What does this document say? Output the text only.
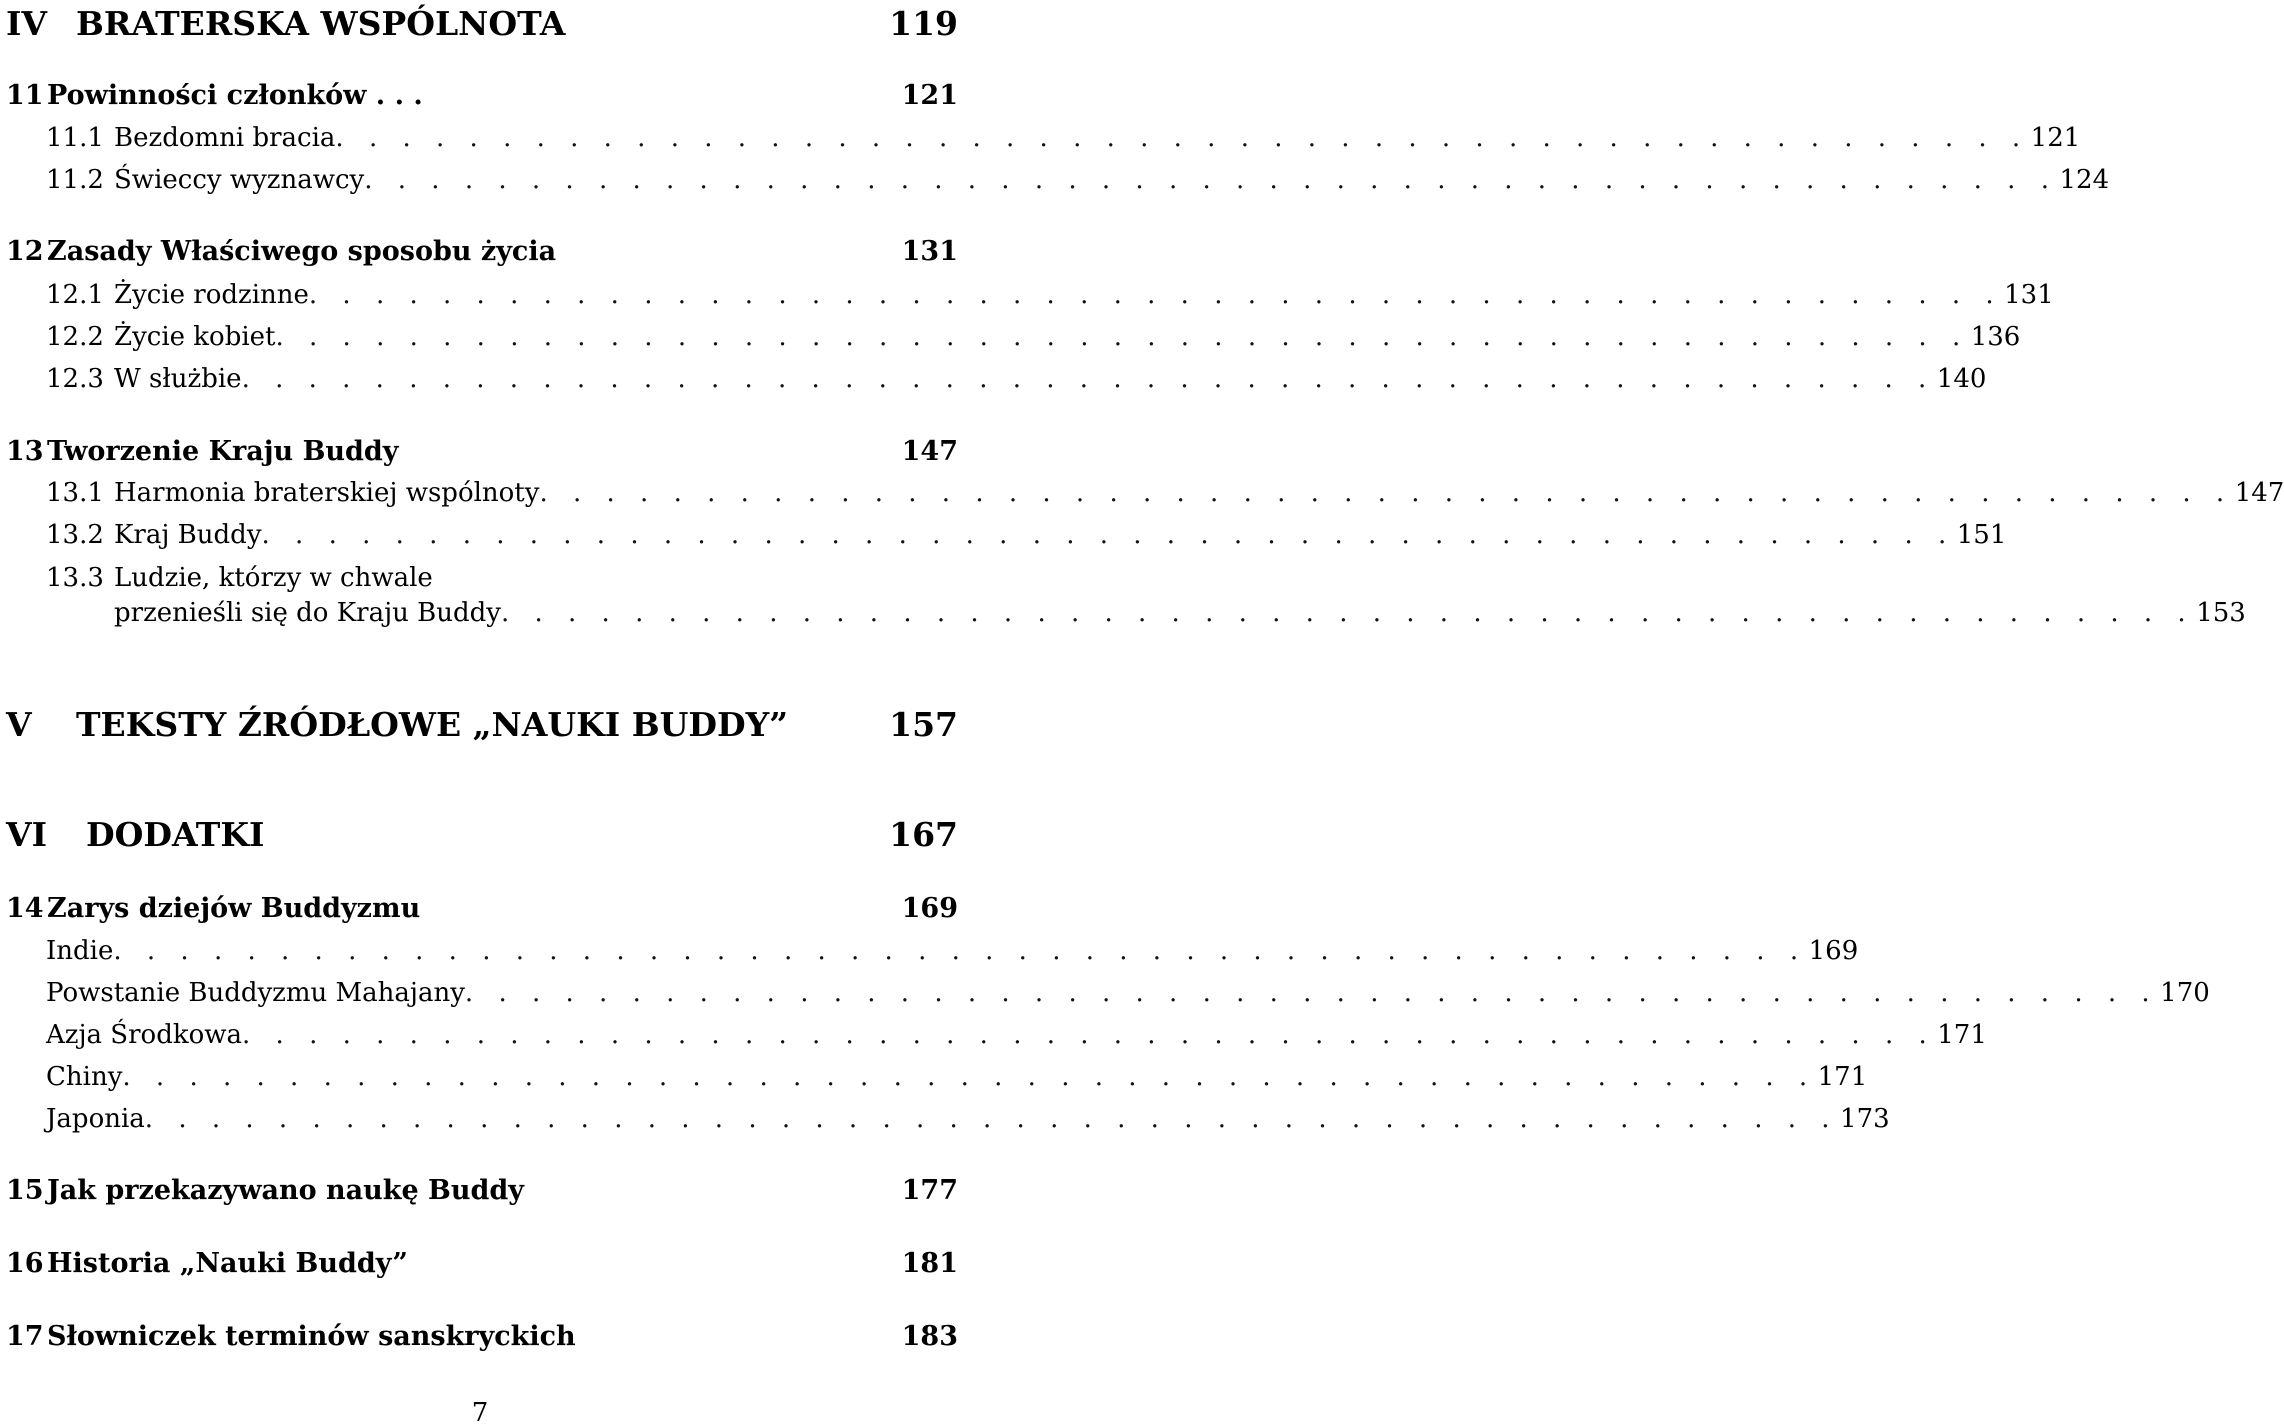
IV BRATERSKA WSPÓLNOTA	119
11 Powinności członków . . .	121
11.1 Bezdomni bracia . . . . . . . . . . . . . . . . . . . . . . . . . . . . . . . . . . . . . . . . . . . . . . . . . . . 121
11.2 Świeccy wyznawcy . . . . . . . . . . . . . . . . . . . . . . . . . . . . . . . . . . . . . . . . . . . . . . . . . . . 124
12 Zasady Właściwego sposobu życia	131
12.1 Życie rodzinne . . . . . . . . . . . . . . . . . . . . . . . . . . . . . . . . . . . . . . . . . . . . . . . . . . . 131
12.2 Życie kobiet . . . . . . . . . . . . . . . . . . . . . . . . . . . . . . . . . . . . . . . . . . . . . . . . . . . 136
12.3 W służbie . . . . . . . . . . . . . . . . . . . . . . . . . . . . . . . . . . . . . . . . . . . . . . . . . . . 140
13 Tworzenie Kraju Buddy	147
13.1 Harmonia braterskiej wspólnoty . . . . . . . . . . . . . . . . . . . . . . . . . . . . . . . . . . . . . . . . . . . . . . . . . . . 147
13.2 Kraj Buddy . . . . . . . . . . . . . . . . . . . . . . . . . . . . . . . . . . . . . . . . . . . . . . . . . . . 151
13.3 Ludzie, którzy w chwale
przenieśli się do Kraju Buddy . . . . . . . . . . . . . . . . . . . . . . . . . . . . . . . . . . . . . . . . . . . . . . . . . . . 153
V	TEKSTY ŹRÓDŁOWE „NAUKI BUDDY”	157
VI	DODATKI	167
14 Zarys dziejów Buddyzmu	169
Indie . . . . . . . . . . . . . . . . . . . . . . . . . . . . . . . . . . . . . . . . . . . . . . . . . . . 169
Powstanie Buddyzmu Mahajany . . . . . . . . . . . . . . . . . . . . . . . . . . . . . . . . . . . . . . . . . . . . . . . . . . . 170
Azja Środkowa . . . . . . . . . . . . . . . . . . . . . . . . . . . . . . . . . . . . . . . . . . . . . . . . . . . 171
Chiny . . . . . . . . . . . . . . . . . . . . . . . . . . . . . . . . . . . . . . . . . . . . . . . . . . . 171
Japonia . . . . . . . . . . . . . . . . . . . . . . . . . . . . . . . . . . . . . . . . . . . . . . . . . . . 173
15 Jak przekazywano naukę Buddy	177
16 Historia „Nauki Buddy”	181
17 Słowniczek terminów sanskryckich	183
7
